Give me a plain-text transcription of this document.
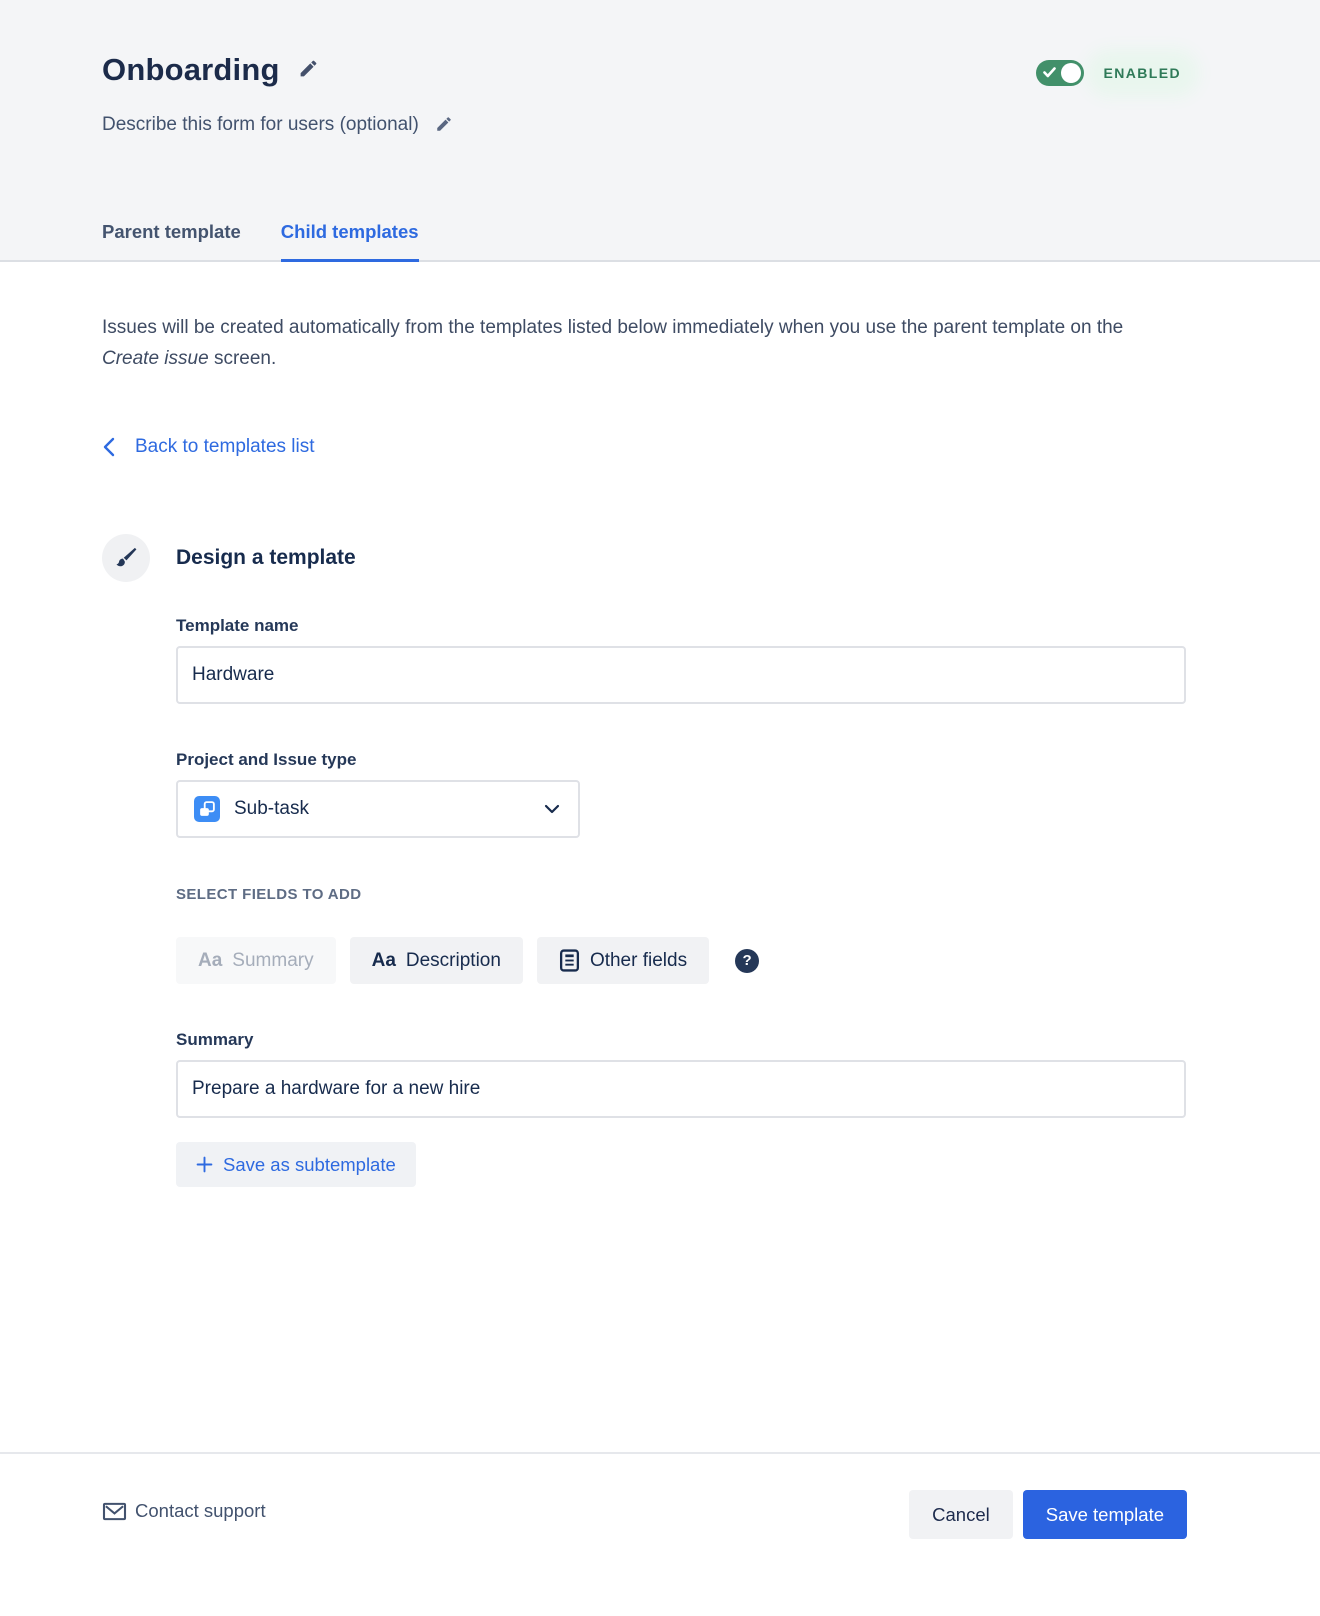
Onboarding	ENABLED
Describe this form for users (optional)
Parent template Child templates

Issues will be created automatically from the templates listed below immediately when you use the parent template on the Create issue screen.

Back to templates list
Design a template
Template name
Hardware
Project and Issue type
Sub-task
SELECT FIELDS TO ADD
Aa Summary	Aa Description	Other fields	?
Summary
Prepare a hardware for a new hire
Save as subtemplate
Contact support	Cancel	Save template
